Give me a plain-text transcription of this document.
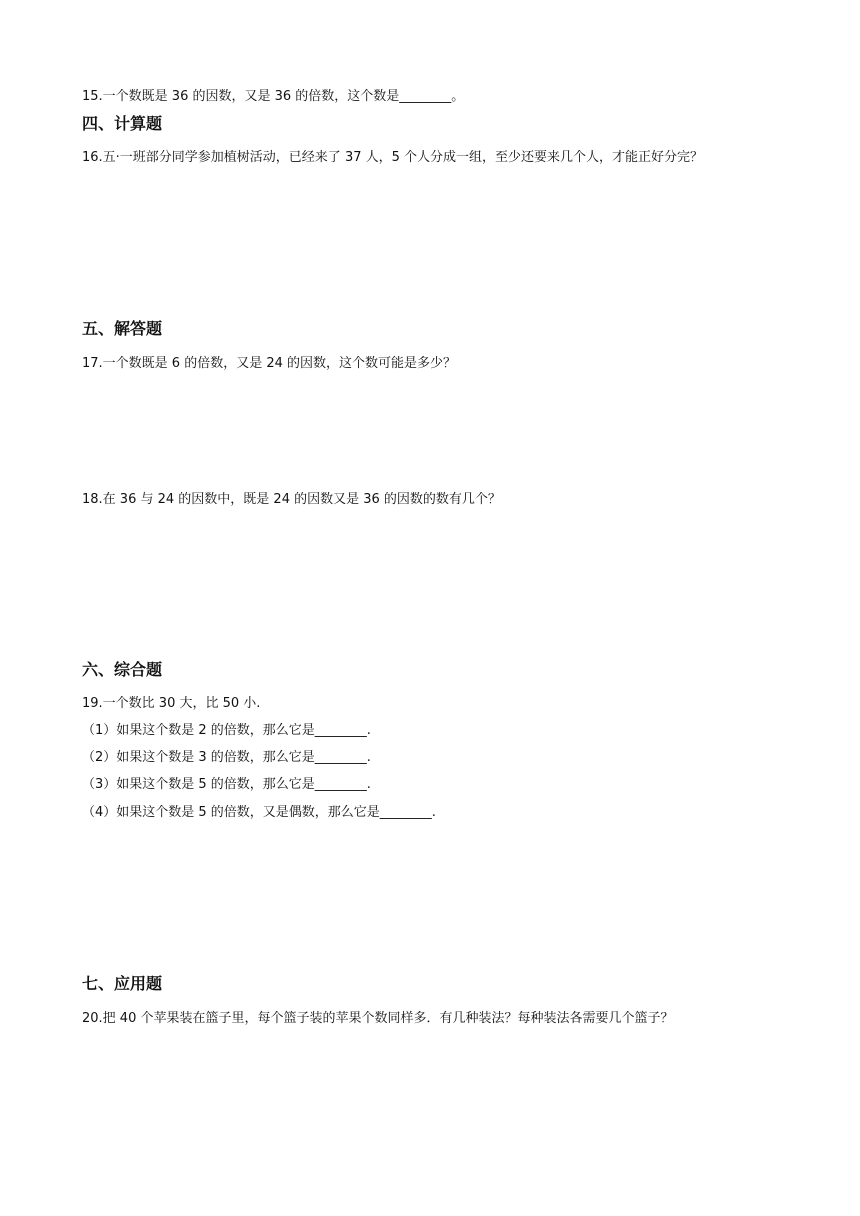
15.一个数既是 36 的因数，又是 36 的倍数，这个数是________。
四、计算题
16.五·一班部分同学参加植树活动，已经来了 37 人，5 个人分成一组，至少还要来几个人，才能正好分完？
五、解答题
17.一个数既是 6 的倍数，又是 24 的因数，这个数可能是多少？
18.在 36 与 24 的因数中，既是 24 的因数又是 36 的因数的数有几个？
六、综合题
19.一个数比 30 大，比 50 小.
（1）如果这个数是 2 的倍数，那么它是________.
（2）如果这个数是 3 的倍数，那么它是________.
（3）如果这个数是 5 的倍数，那么它是________.
（4）如果这个数是 5 的倍数，又是偶数，那么它是________.
七、应用题
20.把 40 个苹果装在篮子里，每个篮子装的苹果个数同样多．有几种装法？每种装法各需要几个篮子？
